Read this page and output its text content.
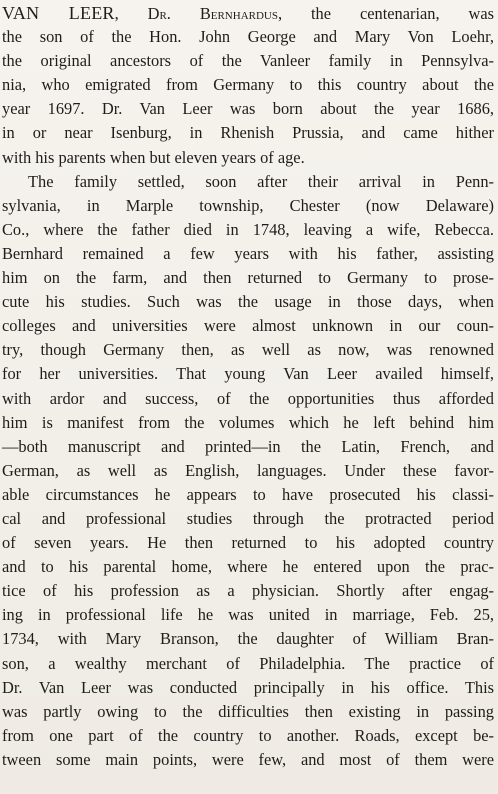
VAN LEER, Dr. Bernhardus, the centenarian, was
the son of the Hon. John George and Mary Von Loehr,
the original ancestors of the Vanleer family in Pennsylva-
nia, who emigrated from Germany to this country about the
year 1697. Dr. Van Leer was born about the year 1686,
in or near Isenburg, in Rhenish Prussia, and came hither
with his parents when but eleven years of age.
The family settled, soon after their arrival in Penn-
sylvania, in Marple township, Chester (now Delaware)
Co., where the father died in 1748, leaving a wife, Rebecca.
Bernhard remained a few years with his father, assisting
him on the farm, and then returned to Germany to prose-
cute his studies. Such was the usage in those days, when
colleges and universities were almost unknown in our coun-
try, though Germany then, as well as now, was renowned
for her universities. That young Van Leer availed himself,
with ardor and success, of the opportunities thus afforded
him is manifest from the volumes which he left behind him
—both manuscript and printed—in the Latin, French, and
German, as well as English, languages. Under these favor-
able circumstances he appears to have prosecuted his classi-
cal and professional studies through the protracted period
of seven years. He then returned to his adopted country
and to his parental home, where he entered upon the prac-
tice of his profession as a physician. Shortly after engag-
ing in professional life he was united in marriage, Feb. 25,
1734, with Mary Branson, the daughter of William Bran-
son, a wealthy merchant of Philadelphia. The practice of
Dr. Van Leer was conducted principally in his office. This
was partly owing to the difficulties then existing in passing
from one part of the country to another. Roads, except be-
tween some main points, were few, and most of them were
